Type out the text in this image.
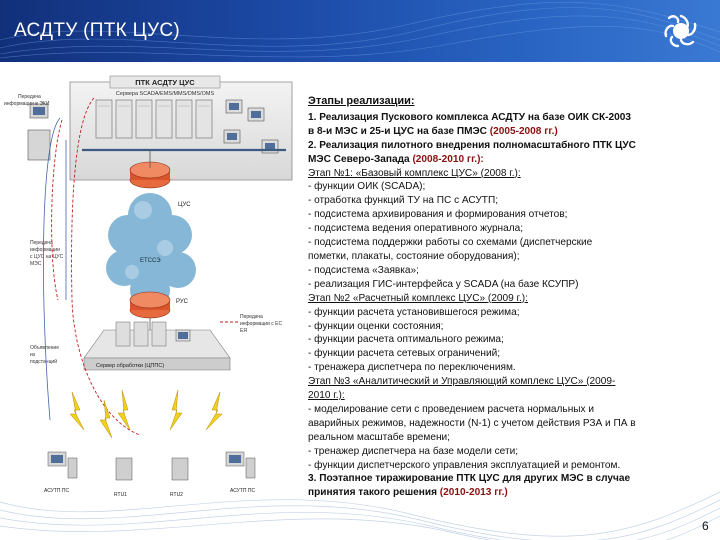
АСДТУ (ПТК ЦУС)
ПТК АСДТУ ЦУС
Сервера SCADA/EMS/MMS/DMS/OMS
Передача информации в ЭКИ
Передача информации с ЦУС на ЦУС МЭС
Объявление из подстанций
Передача информации с ЕС ЕЯ
ЦУС
ЕТССЭ
РУС
Сервер обработки (ЦППС)
АСУТП ПС
RTU1	RTU2
АСУТП ПС
Этапы реализации:
1. Реализация Пускового комплекса АСДТУ на базе ОИК СК-2003
в 8-и МЭС и 25-и ЦУС на базе ПМЭС (2005-2008 гг.)
2. Реализация пилотного внедрения полномасштабного ПТК ЦУС
МЭС Северо-Запада (2008-2010 гг.):
Этап №1: «Базовый комплекс ЦУС» (2008 г.):
- функции ОИК (SCADA);
- отработка функций ТУ на ПС с АСУТП;
- подсистема архивирования и формирования отчетов;
- подсистема ведения оперативного журнала;
- подсистема поддержки работы со схемами (диспетчерские
пометки, плакаты, состояние оборудования);
- подсистема «Заявка»;
- реализация ГИС-интерфейса у SCADA (на базе КСУПР)
Этап №2 «Расчетный комплекс ЦУС» (2009 г.):
- функции расчета установившегося режима;
- функции оценки состояния;
- функции расчета оптимального режима;
- функции расчета сетевых ограничений;
- тренажера диспетчера по переключениям.
Этап №3 «Аналитический и Управляющий комплекс ЦУС» (2009-
2010 г.):
- моделирование сети с проведением расчета нормальных и
аварийных режимов, надежности (N-1) с учетом действия РЗА и ПА в
реальном масштабе времени;
- тренажер диспетчера на базе модели сети;
- функции диспетчерского управления эксплуатацией и ремонтом.
3. Поэтапное тиражирование ПТК ЦУС для других МЭС в случае
принятия такого решения (2010-2013 гг.)
6
